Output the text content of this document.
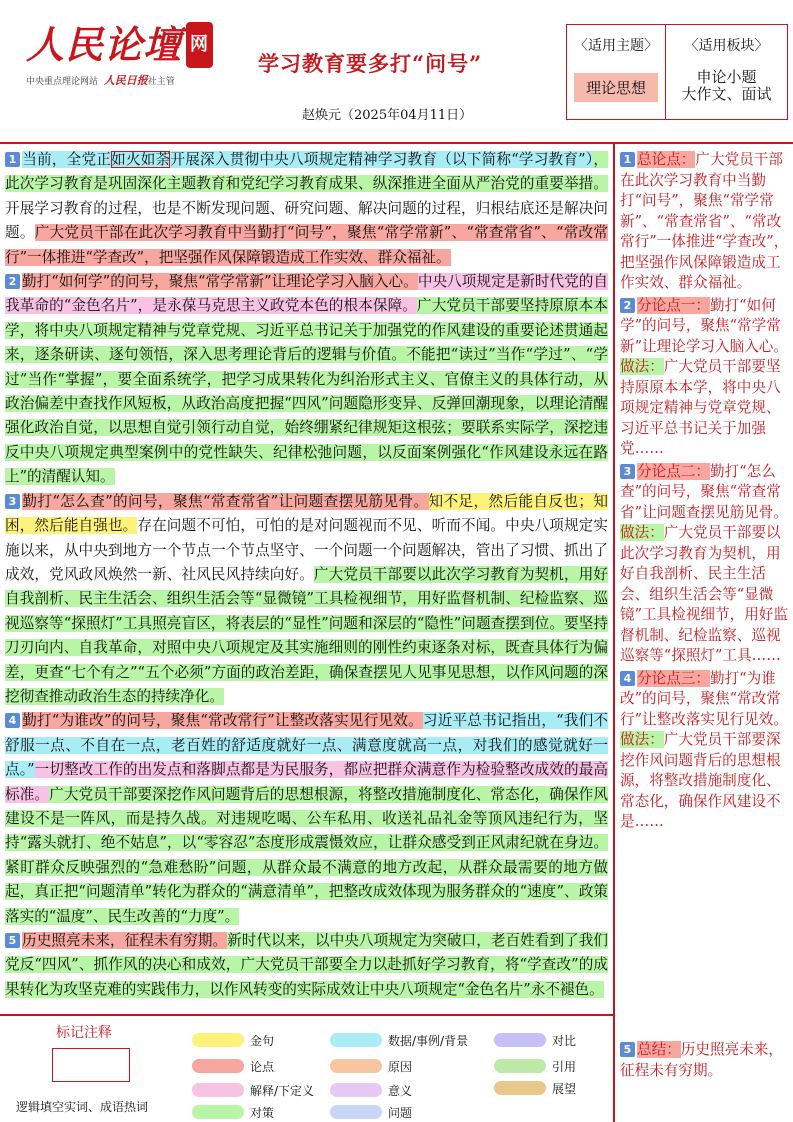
人民论壇 网
中央重点理论网站 人民日报社主管
学习教育要多打“问号”
赵焕元（2025年04月11日）
〈适用主题〉
理论思想
〈适用板块〉
申论小题
大作文、面试

1 当前，全党正如火如荼开展深入贯彻中央八项规定精神学习教育（以下简称“学习教育”），此次学习教育是巩固深化主题教育和党纪学习教育成果、纵深推进全面从严治党的重要举措。开展学习教育的过程，也是不断发现问题、研究问题、解决问题的过程，归根结底还是解决问题。广大党员干部在此次学习教育中当勤打“问号”，聚焦“常学常新”、“常查常省”、“常改常行”一体推进“学查改”，把坚强作风保障锻造成工作实效、群众福祉。

2 勤打“如何学”的问号，聚焦“常学常新”让理论学习入脑入心。中央八项规定是新时代党的自我革命的“金色名片”，是永葆马克思主义政党本色的根本保障。广大党员干部要坚持原原本本学，将中央八项规定精神与党章党规、习近平总书记关于加强党的作风建设的重要论述贯通起来，逐条研读、逐句领悟，深入思考理论背后的逻辑与价值。不能把“读过”当作“学过”、“学过”当作“掌握”，要全面系统学，把学习成果转化为纠治形式主义、官僚主义的具体行动，从政治偏差中查找作风短板，从政治高度把握“四风”问题隐形变异、反弹回潮现象，以理论清醒强化政治自觉，以思想自觉引领行动自觉，始终绷紧纪律规矩这根弦；要联系实际学，深挖违反中央八项规定典型案例中的党性缺失、纪律松弛问题，以反面案例强化“作风建设永远在路上”的清醒认知。

3 勤打“怎么查”的问号，聚焦“常查常省”让问题查摆见筋见骨。知不足，然后能自反也；知困，然后能自强也。存在问题不可怕，可怕的是对问题视而不见、听而不闻。中央八项规定实施以来，从中央到地方一个节点一个节点坚守、一个问题一个问题解决，管出了习惯、抓出了成效，党风政风焕然一新、社风民风持续向好。广大党员干部要以此次学习教育为契机，用好自我剖析、民主生活会、组织生活会等“显微镜”工具检视细节，用好监督机制、纪检监察、巡视巡察等“探照灯”工具照亮盲区，将表层的“显性”问题和深层的“隐性”问题查摆到位。要坚持刀刃向内、自我革命，对照中央八项规定及其实施细则的刚性约束逐条对标，既查具体行为偏差，更查“七个有之”“五个必须”方面的政治差距，确保查摆见人见事见思想，以作风问题的深挖彻查推动政治生态的持续净化。

4 勤打“为谁改”的问号，聚焦“常改常行”让整改落实见行见效。习近平总书记指出，“我们不舒服一点、不自在一点，老百姓的舒适度就好一点、满意度就高一点，对我们的感觉就好一点。”一切整改工作的出发点和落脚点都是为民服务，都应把群众满意作为检验整改成效的最高标准。广大党员干部要深挖作风问题背后的思想根源，将整改措施制度化、常态化，确保作风建设不是一阵风，而是持久战。对违规吃喝、公车私用、收送礼品礼金等顶风违纪行为，坚持“露头就打、绝不姑息”，以“零容忍”态度形成震慑效应，让群众感受到正风肃纪就在身边。紧盯群众反映强烈的“急难愁盼”问题，从群众最不满意的地方改起，从群众最需要的地方做起，真正把“问题清单”转化为群众的“满意清单”，把整改成效体现为服务群众的“速度”、政策落实的“温度”、民生改善的“力度”。

5 历史照亮未来，征程未有穷期。新时代以来，以中央八项规定为突破口，老百姓看到了我们党反“四风”、抓作风的决心和成效，广大党员干部要全力以赴抓好学习教育，将“学查改”的成果转化为攻坚克难的实践伟力，以作风转变的实际成效让中央八项规定“金色名片”永不褪色。

1 总论点：广大党员干部在此次学习教育中当勤打“问号”，聚焦“常学常新”、“常查常省”、“常改常行”一体推进“学查改”，把坚强作风保障锻造成工作实效、群众福祉。

2 分论点一：勤打“如何学”的问号，聚焦“常学常新”让理论学习入脑入心。

做法：广大党员干部要坚持原原本本学，将中央八项规定精神与党章党规、习近平总书记关于加强党……

3 分论点二：勤打“怎么查”的问号，聚焦“常查常省”让问题查摆见筋见骨。

做法：广大党员干部要以此次学习教育为契机，用好自我剖析、民主生活会、组织生活会等“显微镜”工具检视细节，用好监督机制、纪检监察、巡视巡察等“探照灯”工具……

4 分论点三：勤打“为谁改”的问号，聚焦“常改常行”让整改落实见行见效。

做法：广大党员干部要深挖作风问题背后的思想根源，将整改措施制度化、常态化，确保作风建设不是……

5 总结：历史照亮未来，征程未有穷期。

标记注释
逻辑填空实词、成语热词
金句	数据/事例/背景	对比
论点	原因	引用
解释/下定义	意义	展望
对策	问题
